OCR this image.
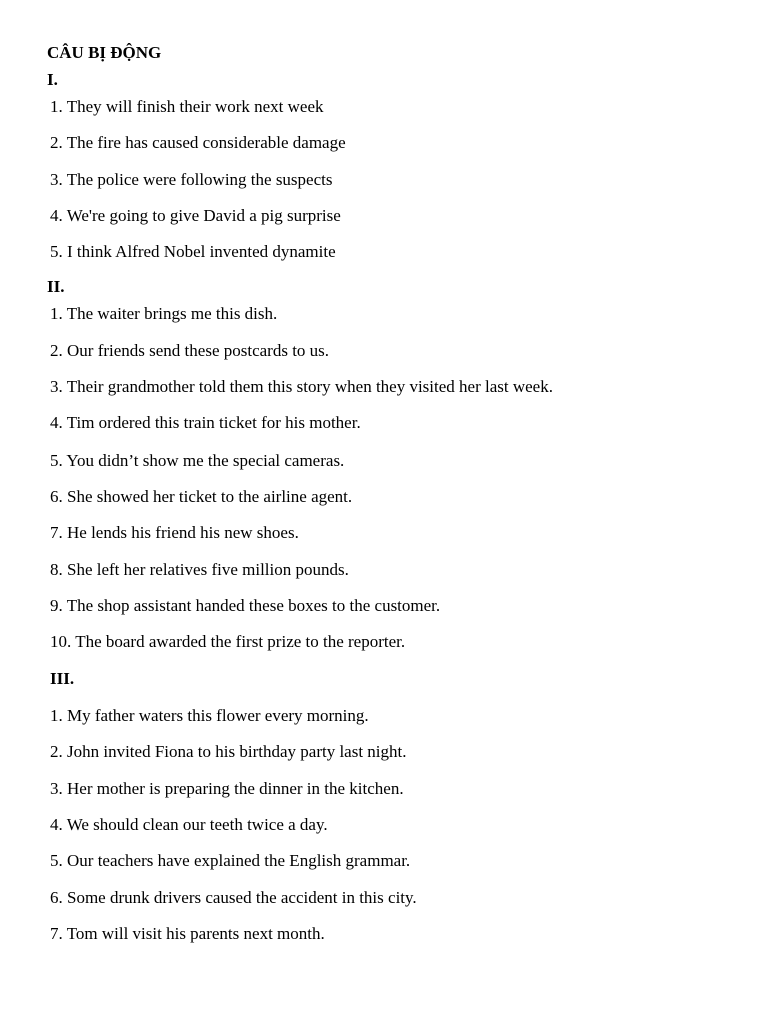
CÂU BỊ ĐỘNG
I.
1. They will finish their work next week
2. The fire has caused considerable damage
3. The police were following the suspects
4. We're going to give David a pig surprise
5. I think Alfred Nobel invented dynamite
II.
1. The waiter brings me this dish.
2. Our friends send these postcards to us.
3. Their grandmother told them this story when they visited her last week.
4. Tim ordered this train ticket for his mother.
5. You didn’t show me the special cameras.
6. She showed her ticket to the airline agent.
7. He lends his friend his new shoes.
8. She left her relatives five million pounds.
9. The shop assistant handed these boxes to the customer.
10. The board awarded the first prize to the reporter.
III.
1. My father waters this flower every morning.
2. John invited Fiona to his birthday party last night.
3. Her mother is preparing the dinner in the kitchen.
4. We should clean our teeth twice a day.
5. Our teachers have explained the English grammar.
6. Some drunk drivers caused the accident in this city.
7. Tom will visit his parents next month.
